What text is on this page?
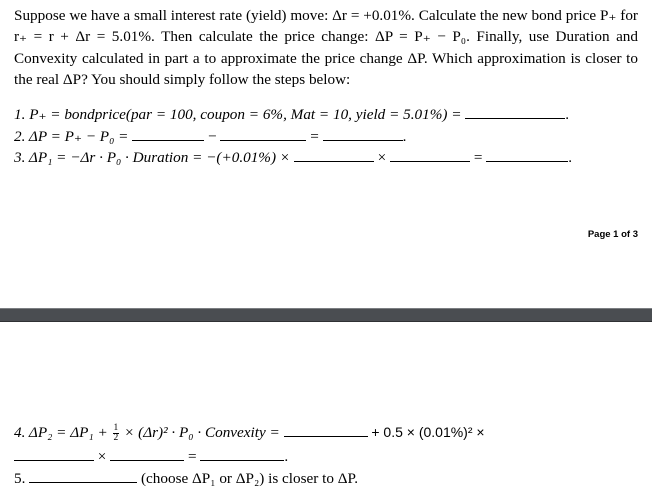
Suppose we have a small interest rate (yield) move: Δr = +0.01%. Calculate the new bond price P₊ for r₊ = r + Δr = 5.01%. Then calculate the price change: ΔP = P₊ − P₀. Finally, use Duration and Convexity calculated in part a to approximate the price change ΔP. Which approximation is closer to the real ΔP? You should simply follow the steps below:

1. P₊ = bondprice(par = 100, coupon = 6%, Mat = 10, yield = 5.01%) =	.
2. ΔP = P₊ − P₀ =	−	=	.
3. ΔP₁ = −Δr · P₀ · Duration = −(+0.01%) ×	×	=	.
Page 1 of 3
4. $\Delta P_2 = \Delta P_1 + \frac{1}{2} \times (\Delta r)^2 \cdot P_0$ · Convexity =	+ 0.5 × (0.01%)² ×
×	=	.
5.	(choose ΔP₁ or ΔP₂) is closer to ΔP.
